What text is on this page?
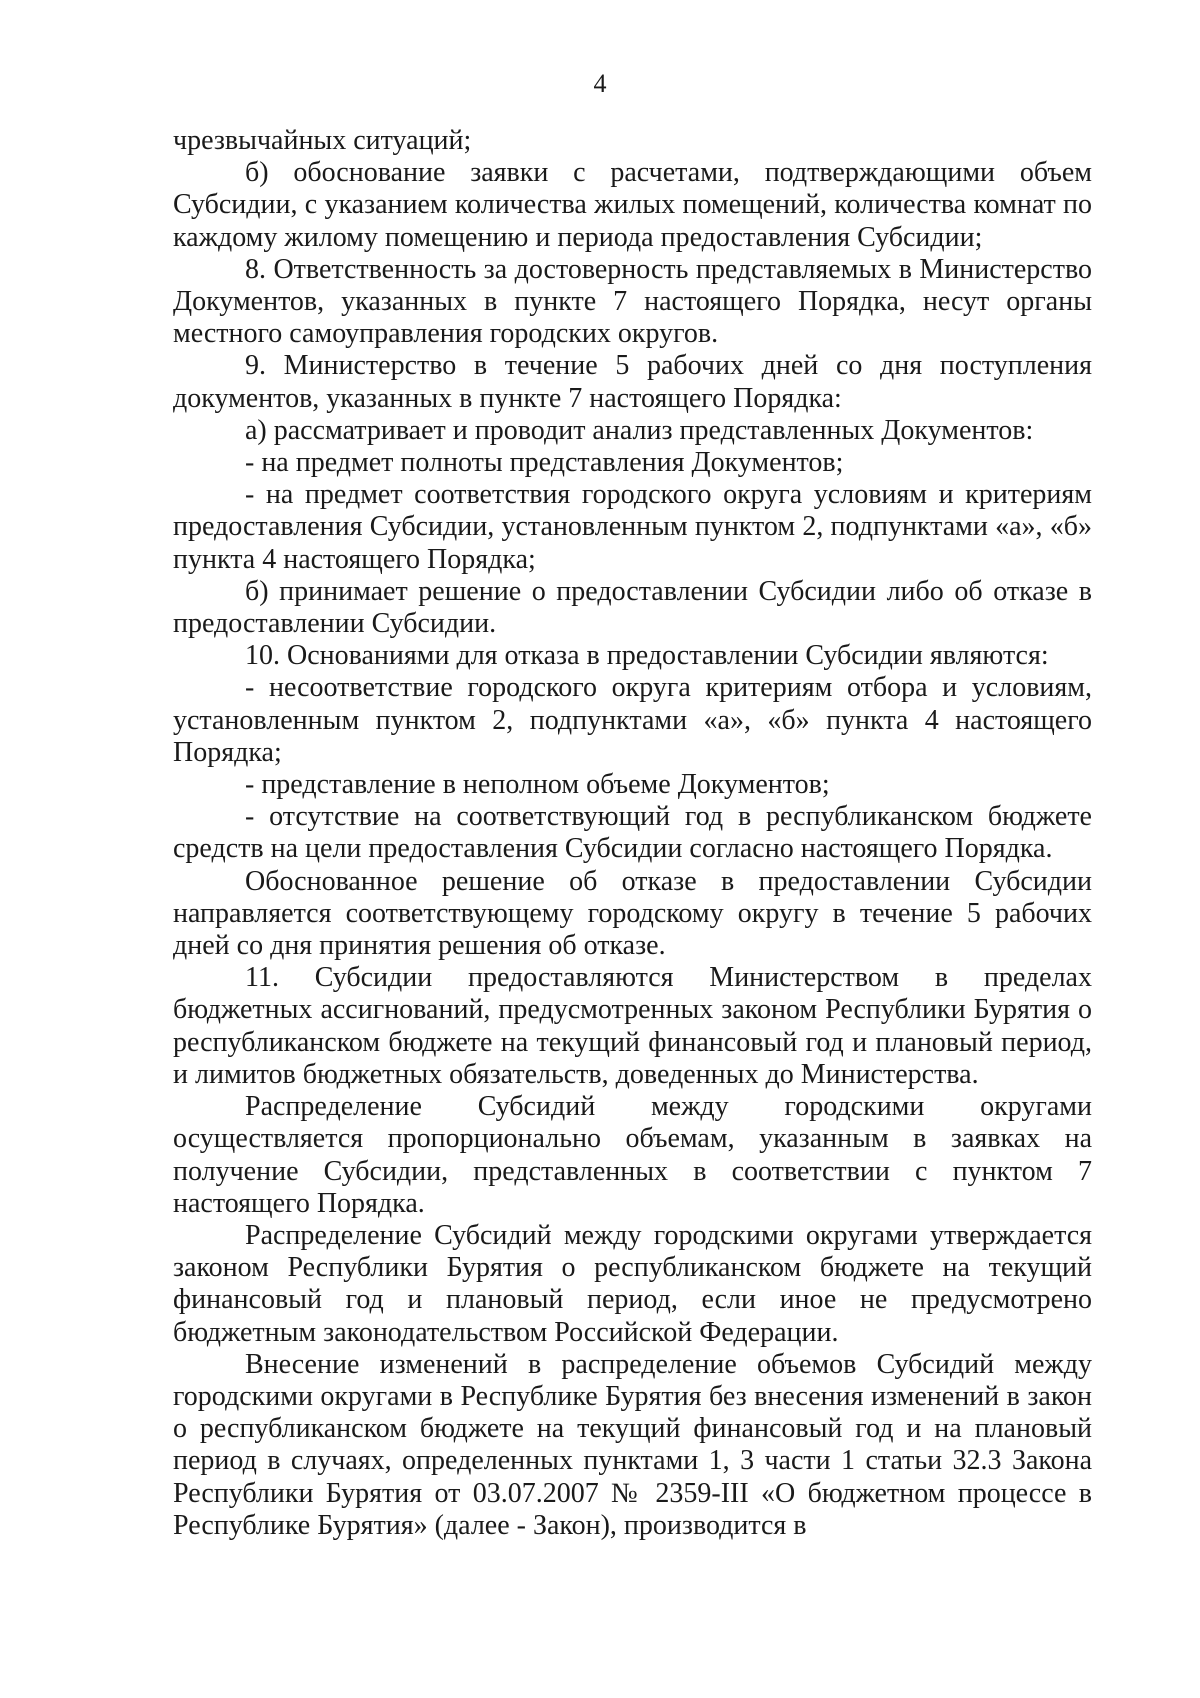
4

чрезвычайных ситуаций;

б) обоснование заявки с расчетами, подтверждающими объем Субсидии, с указанием количества жилых помещений, количества комнат по каждому жилому помещению и периода предоставления Субсидии;

8. Ответственность за достоверность представляемых в Министерство Документов, указанных в пункте 7 настоящего Порядка, несут органы местного самоуправления городских округов.

9. Министерство в течение 5 рабочих дней со дня поступления документов, указанных в пункте 7 настоящего Порядка:

а) рассматривает и проводит анализ представленных Документов:

- на предмет полноты представления Документов;

- на предмет соответствия городского округа условиям и критериям предоставления Субсидии, установленным пунктом 2, подпунктами «а», «б» пункта 4 настоящего Порядка;

б) принимает решение о предоставлении Субсидии либо об отказе в предоставлении Субсидии.

10. Основаниями для отказа в предоставлении Субсидии являются:

- несоответствие городского округа критериям отбора и условиям, установленным пунктом 2, подпунктами «а», «б» пункта 4 настоящего Порядка;

- представление в неполном объеме Документов;

- отсутствие на соответствующий год в республиканском бюджете средств на цели предоставления Субсидии согласно настоящего Порядка.

Обоснованное решение об отказе в предоставлении Субсидии направляется соответствующему городскому округу в течение 5 рабочих дней со дня принятия решения об отказе.

11. Субсидии предоставляются Министерством в пределах бюджетных ассигнований, предусмотренных законом Республики Бурятия о республиканском бюджете на текущий финансовый год и плановый период, и лимитов бюджетных обязательств, доведенных до Министерства.

Распределение Субсидий между городскими округами осуществляется пропорционально объемам, указанным в заявках на получение Субсидии, представленных в соответствии с пунктом 7 настоящего Порядка.

Распределение Субсидий между городскими округами утверждается законом Республики Бурятия о республиканском бюджете на текущий финансовый год и плановый период, если иное не предусмотрено бюджетным законодательством Российской Федерации.

Внесение изменений в распределение объемов Субсидий между городскими округами в Республике Бурятия без внесения изменений в закон о республиканском бюджете на текущий финансовый год и на плановый период в случаях, определенных пунктами 1, 3 части 1 статьи 32.3 Закона Республики Бурятия от 03.07.2007 № 2359-III «О бюджетном процессе в Республике Бурятия» (далее - Закон), производится в
